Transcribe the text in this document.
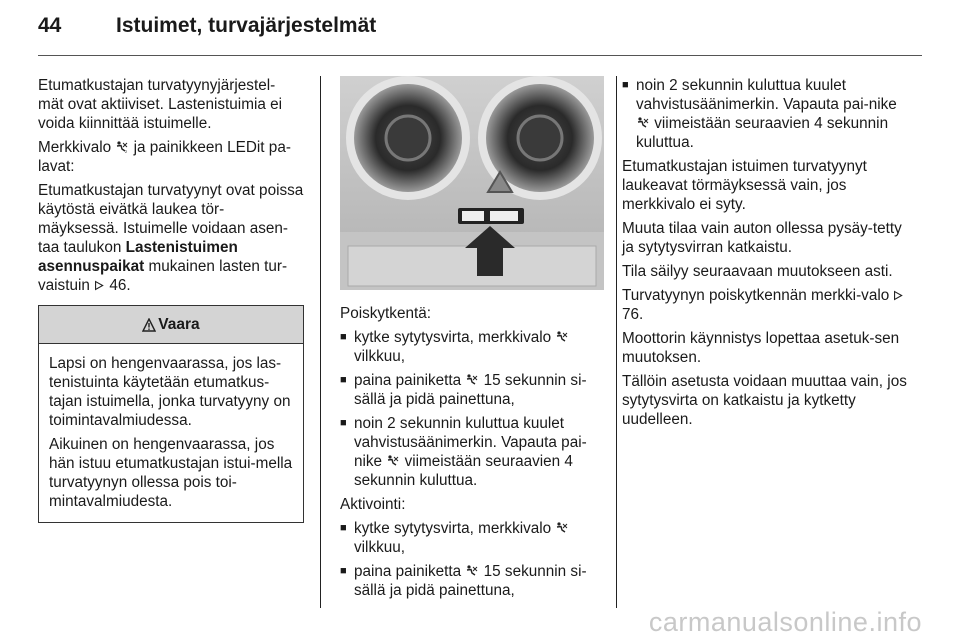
44	Istuimet, turvajärjestelmät

Etumatkustajan turvatyynyjärjestel- mät ovat aktiiviset. Lastenistuimia ei voida kiinnittää istuimelle.

Merkkivalo	2 ja painikkeen LEDit pa-lavat:

Etumatkustajan turvatyynyt ovat poissa käytöstä eivätkä laukea tör-mäyksessä. Istuimelle voidaan asen-taa taulukon Lastenistuimen asennuspaikat mukainen lasten tur-vaistuin 46.

Vaara

Lapsi on hengenvaarassa, jos las-tenistuinta käytetään etumatkus-tajan istuimella, jonka turvatyyny on toimintavalmiudessa.

Aikuinen on hengenvaarassa, jos hän istuu etumatkustajan istui-mella turvatyynyn ollessa pois toi-mintavalmiudesta.

Poiskytkentä:

■ kytke sytytysvirta, merkkivalo  vilkkuu,
■ paina painiketta 15 sekunnin si-sällä ja pidä painettuna,
■ noin 2 sekunnin kuluttua kuulet vahvistusäänimerkin. Vapauta pai-nike viimeistään seuraavien 4 sekunnin kuluttua.

Aktivointi:

■ kytke sytytysvirta, merkkivalo  vilkkuu,
■ paina painiketta 15 sekunnin si-sällä ja pidä painettuna,
■ noin 2 sekunnin kuluttua kuulet vahvistusäänimerkin. Vapauta pai-nike  viimeistään seuraavien 4 sekunnin kuluttua.

Etumatkustajan istuimen turvatyynyt laukeavat törmäyksessä vain, jos merkkivalo ei syty.

Muuta tilaa vain auton ollessa pysäy-tetty ja sytytysvirran katkaistu.

Tila säilyy seuraavaan muutokseen asti.

Turvatyynyn poiskytkennän merkki-valo  76.

Moottorin käynnistys lopettaa asetuk-sen muutoksen.

Tällöin asetusta voidaan muuttaa vain, jos sytytysvirta on katkaistu ja kytketty uudelleen.

carmanualsonline.info
